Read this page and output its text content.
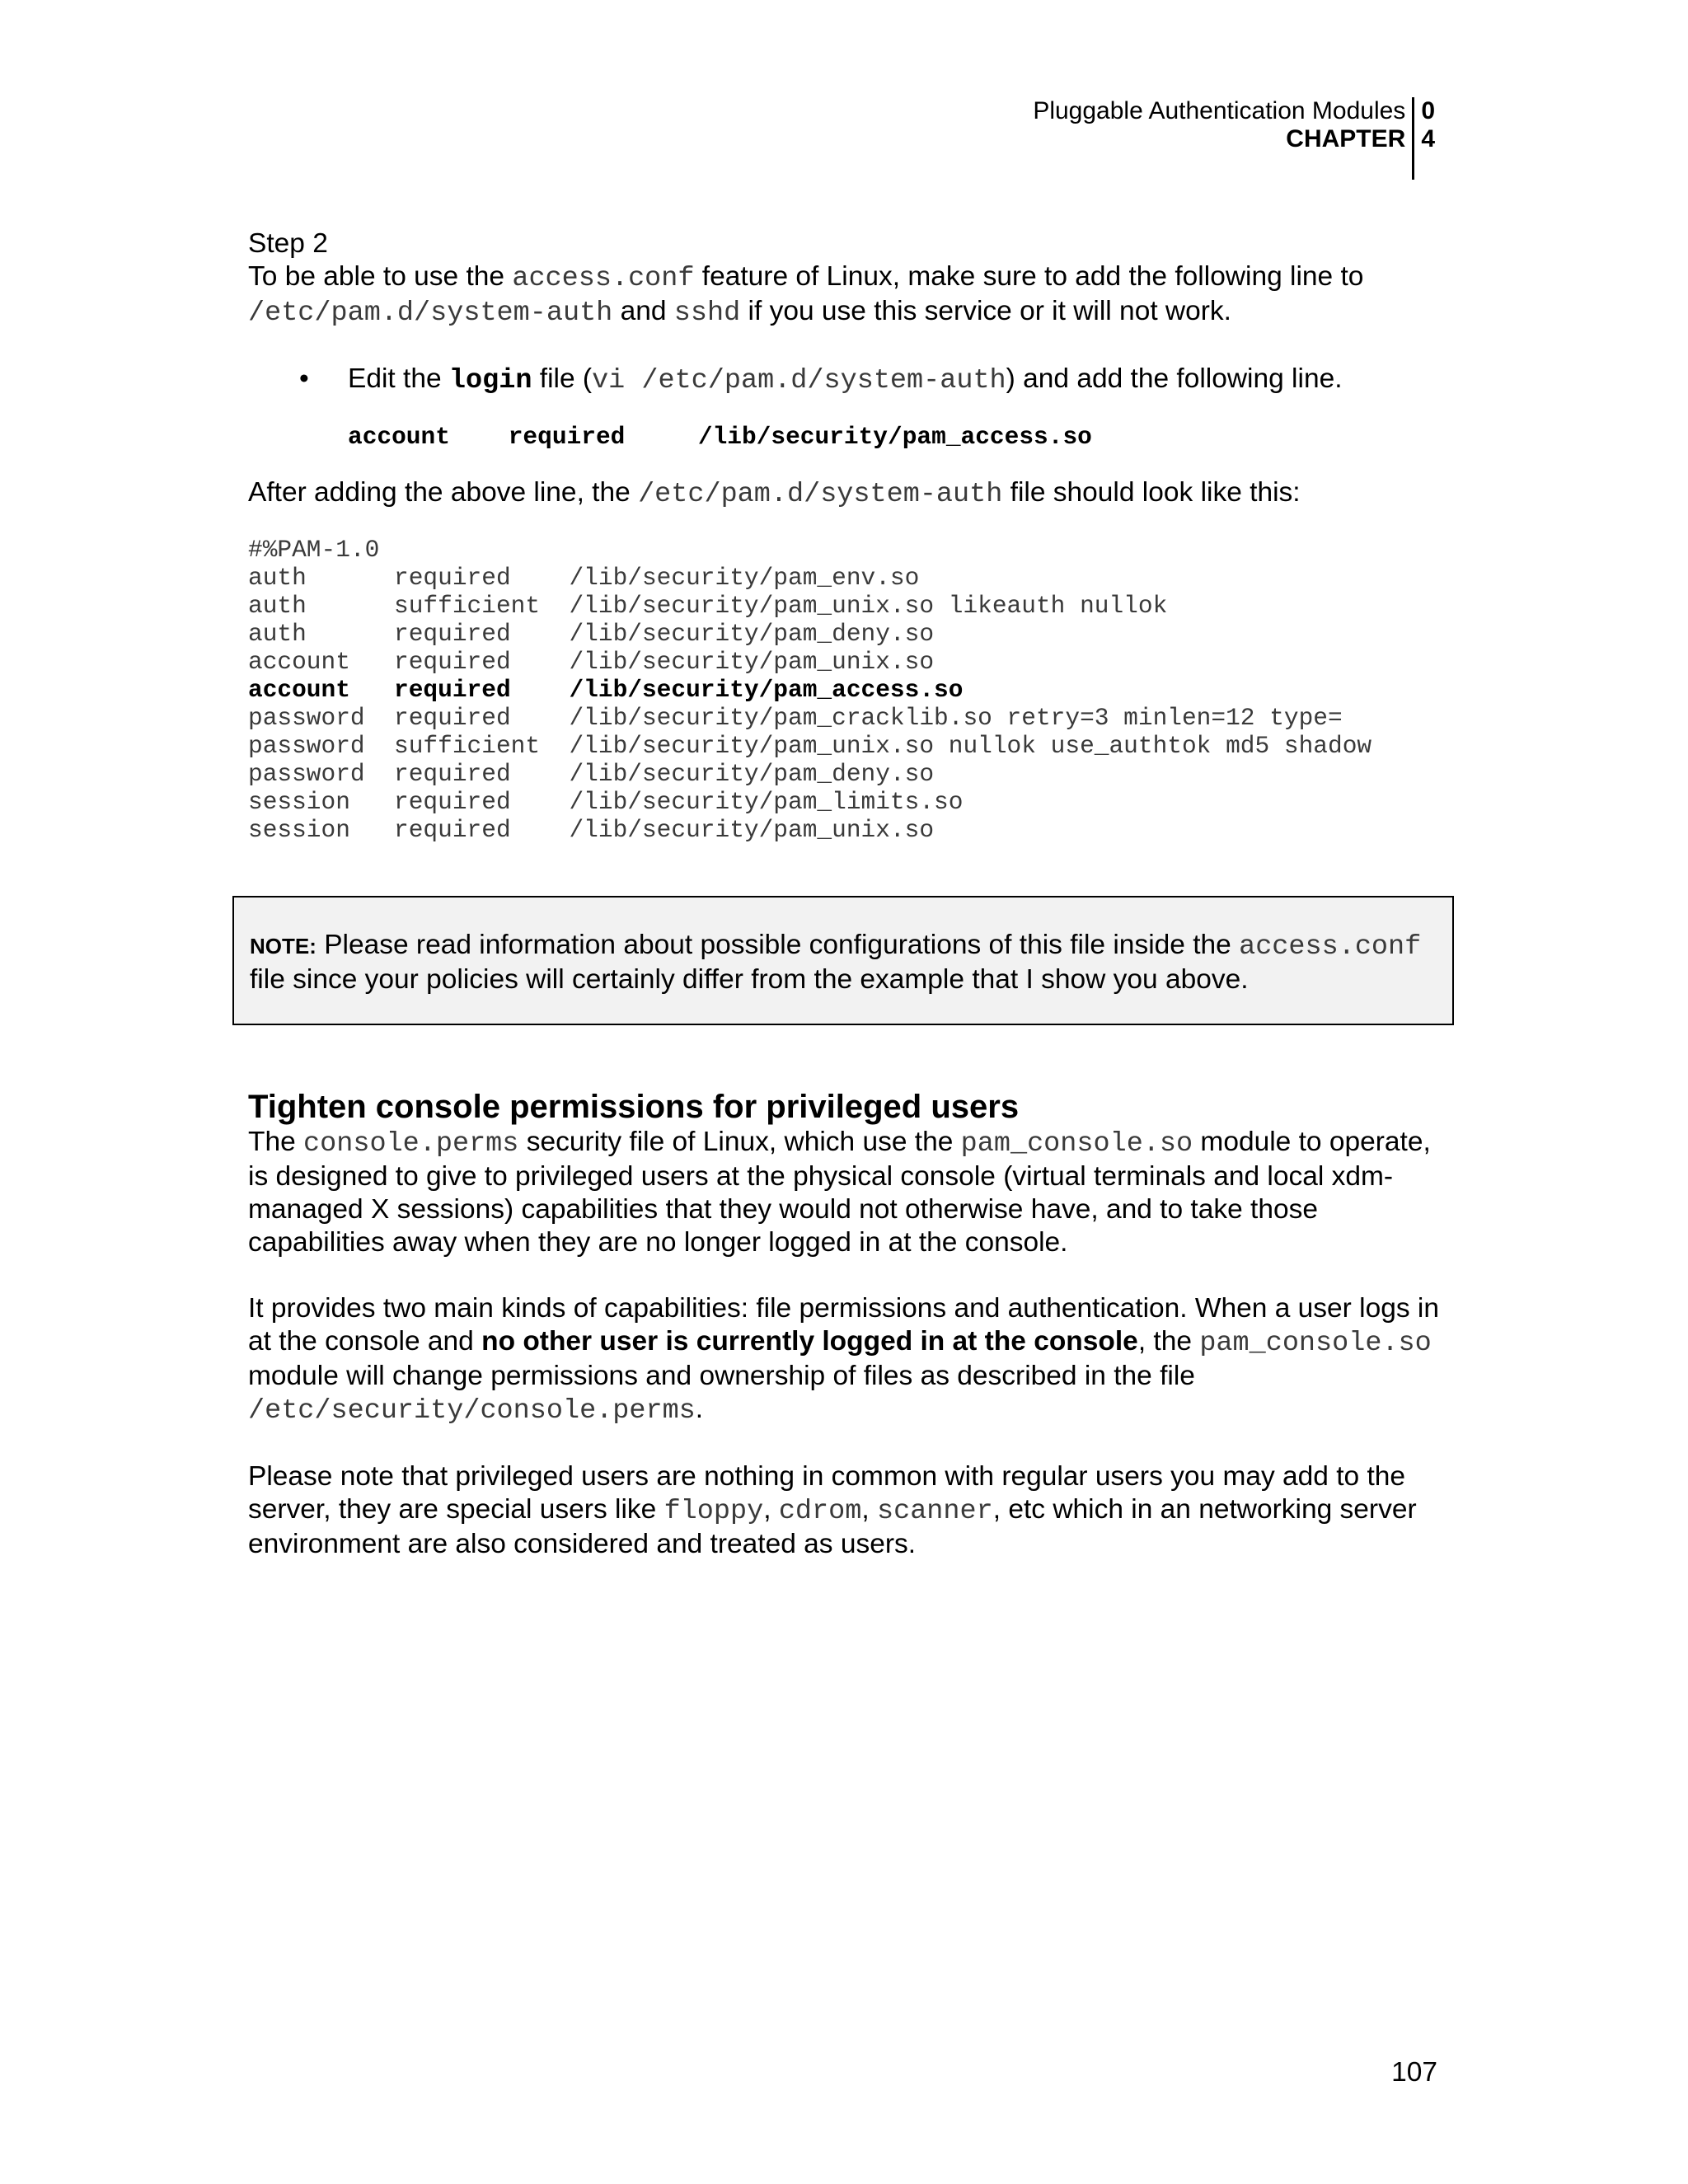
Pluggable Authentication Modules
CHAPTER
0
4

Step 2

To be able to use the access.conf feature of Linux, make sure to add the following line to
/etc/pam.d/system-auth and sshd if you use this service or it will not work.

•	Edit the login file (vi /etc/pam.d/system-auth) and add the following line.

account    required     /lib/security/pam_access.so

After adding the above line, the /etc/pam.d/system-auth file should look like this:

#%PAM-1.0
auth      required    /lib/security/pam_env.so
auth      sufficient  /lib/security/pam_unix.so likeauth nullok
auth      required    /lib/security/pam_deny.so
account   required    /lib/security/pam_unix.so
account   required    /lib/security/pam_access.so
password  required    /lib/security/pam_cracklib.so retry=3 minlen=12 type=
password  sufficient  /lib/security/pam_unix.so nullok use_authtok md5 shadow
password  required    /lib/security/pam_deny.so
session   required    /lib/security/pam_limits.so
session   required    /lib/security/pam_unix.so

NOTE: Please read information about possible configurations of this file inside the access.conf
file since your policies will certainly differ from the example that I show you above.

Tighten console permissions for privileged users

The console.perms security file of Linux, which use the pam_console.so module to operate,
is designed to give to privileged users at the physical console (virtual terminals and local xdm-
managed X sessions) capabilities that they would not otherwise have, and to take those
capabilities away when they are no longer logged in at the console.

It provides two main kinds of capabilities: file permissions and authentication. When a user logs in
at the console and no other user is currently logged in at the console, the pam_console.so
module will change permissions and ownership of files as described in the file
/etc/security/console.perms.

Please note that privileged users are nothing in common with regular users you may add to the
server, they are special users like floppy, cdrom, scanner, etc which in an networking server
environment are also considered and treated as users.

107
